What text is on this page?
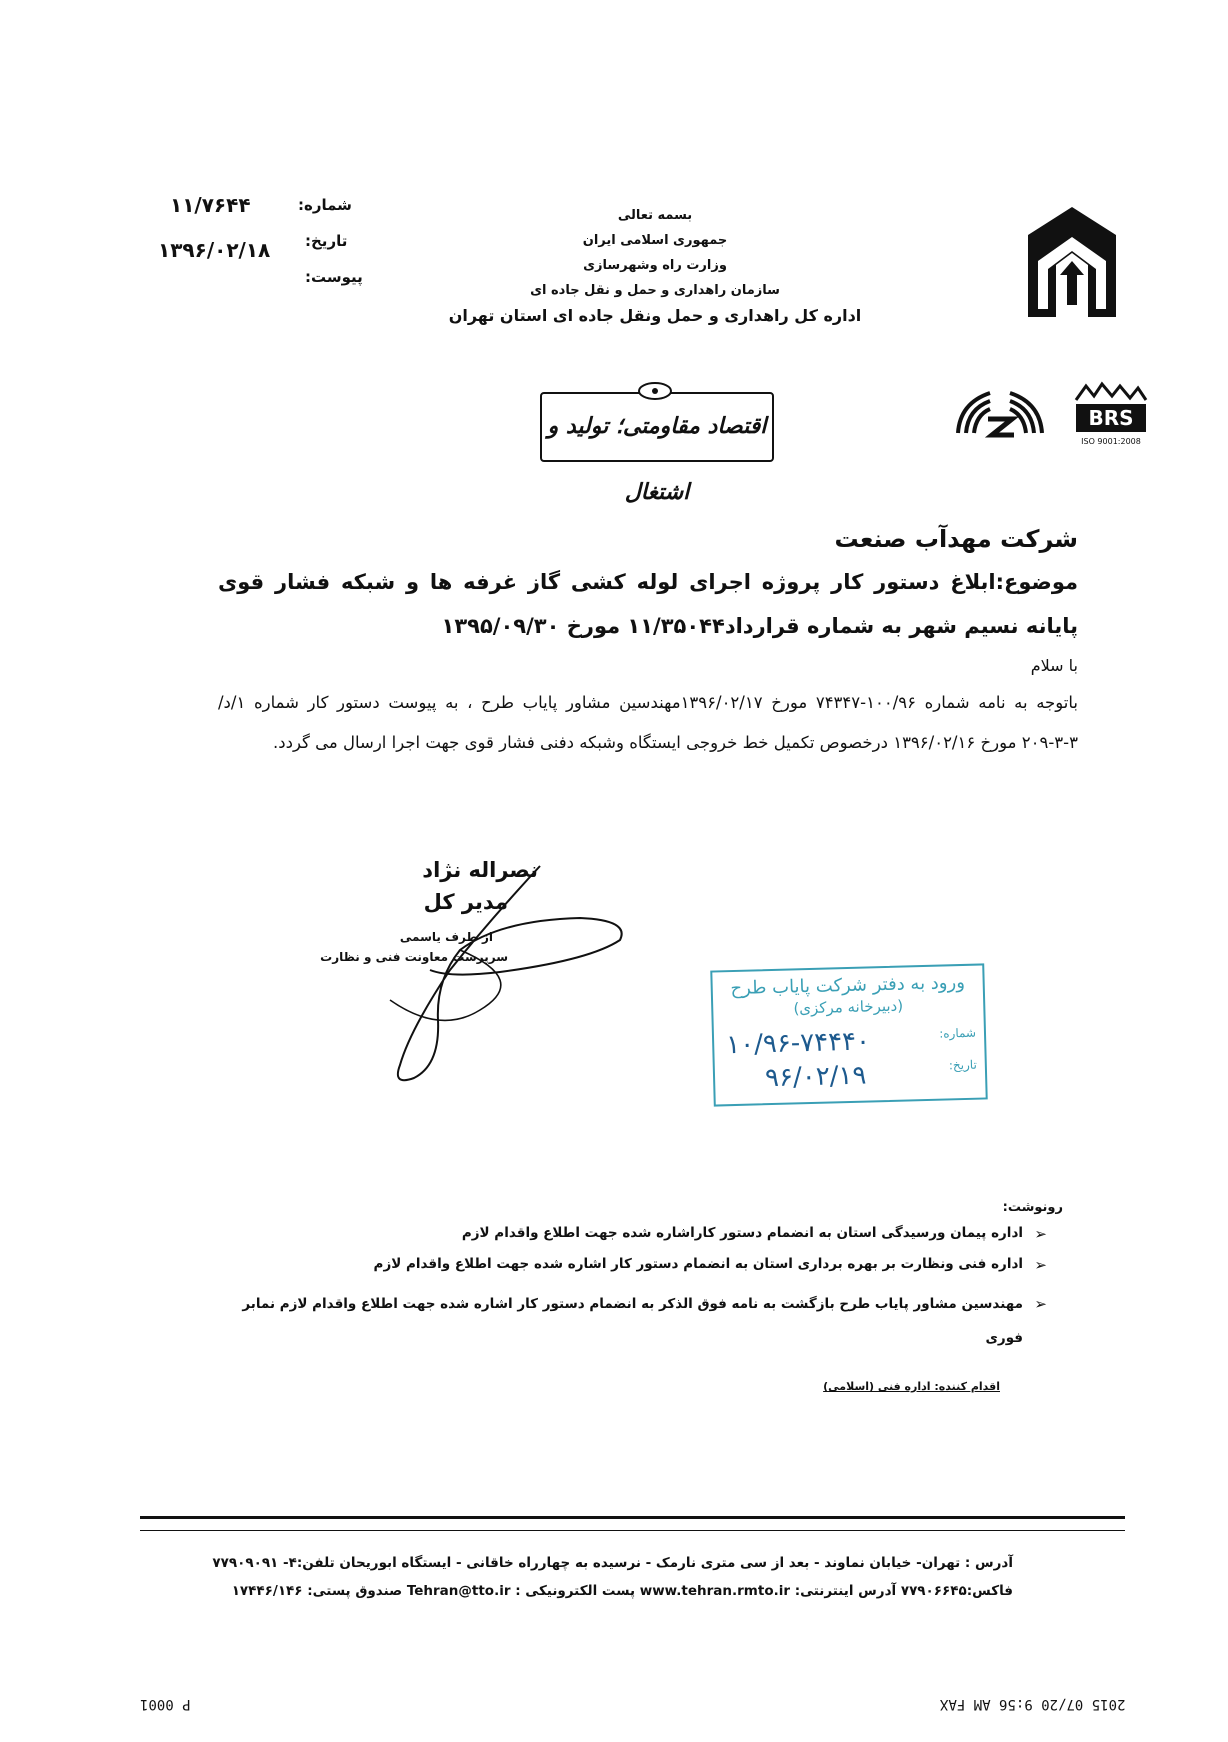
شماره:
۱۱/۷۶۴۴
تاریخ:
۱۳۹۶/۰۲/۱۸
پیوست:
بسمه تعالی
جمهوری اسلامی ایران
وزارت راه وشهرسازی
سازمان راهداری و حمل و نقل جاده ای
اداره کل راهداری و حمل ونقل جاده ای استان تهران
BRS
ISO 9001:2008
اقتصاد مقاومتی؛ تولید و اشتغال
شرکت مهدآب صنعت
موضوع:ابلاغ دستور کار پروژه اجرای لوله کشی گاز غرفه ها و شبکه فشار قوی پایانه نسیم شهر به شماره قرارداد۱۱/۳۵۰۴۴ مورخ ۱۳۹۵/۰۹/۳۰
با سلام
باتوجه به نامه شماره ۱۰۰/۹۶-۷۴۳۴۷ مورخ ۱۳۹۶/۰۲/۱۷مهندسین مشاور پایاب طرح ، به پیوست دستور کار شماره ۱/د/۳-۳-۲۰۹ مورخ ۱۳۹۶/۰۲/۱۶ درخصوص تکمیل خط خروجی ایستگاه وشبکه دفنی فشار قوی جهت اجرا ارسال می گردد.
نصراله نژاد
مدیر کل
از طرف یاسمی
سرپرست معاونت فنی و نظارت
ورود به دفتر شرکت پایاب طرح
(دبیرخانه مرکزی)
شماره:
تاریخ:
۱۰/۹۶-۷۴۴۴۰
۹۶/۰۲/۱۹
رونوشت:
➢
اداره پیمان ورسیدگی استان به انضمام دستور کاراشاره شده جهت اطلاع واقدام لازم
➢
اداره فنی ونظارت بر بهره برداری استان به انضمام دستور کار اشاره شده جهت اطلاع واقدام لازم
➢
مهندسین مشاور پایاب طرح بازگشت به نامه فوق الذکر به انضمام دستور کار اشاره شده جهت اطلاع واقدام لازم نمابر فوری
اقدام کننده: اداره فنی (اسلامی)
آدرس : تهران- خیابان نماوند - بعد از سی متری نارمک - نرسیده به چهارراه خاقانی - ایستگاه ابوریحان تلفن:۴- ۷۷۹۰۹۰۹۱
فاکس:۷۷۹۰۶۶۴۵ آدرس اینترنتی: www.tehran.rmto.ir پست الکترونیکی : Tehran@tto.ir صندوق پستی: ۱۷۴۴۶/۱۴۶
P 0001	2015 07/20 9:56 AM FAX
